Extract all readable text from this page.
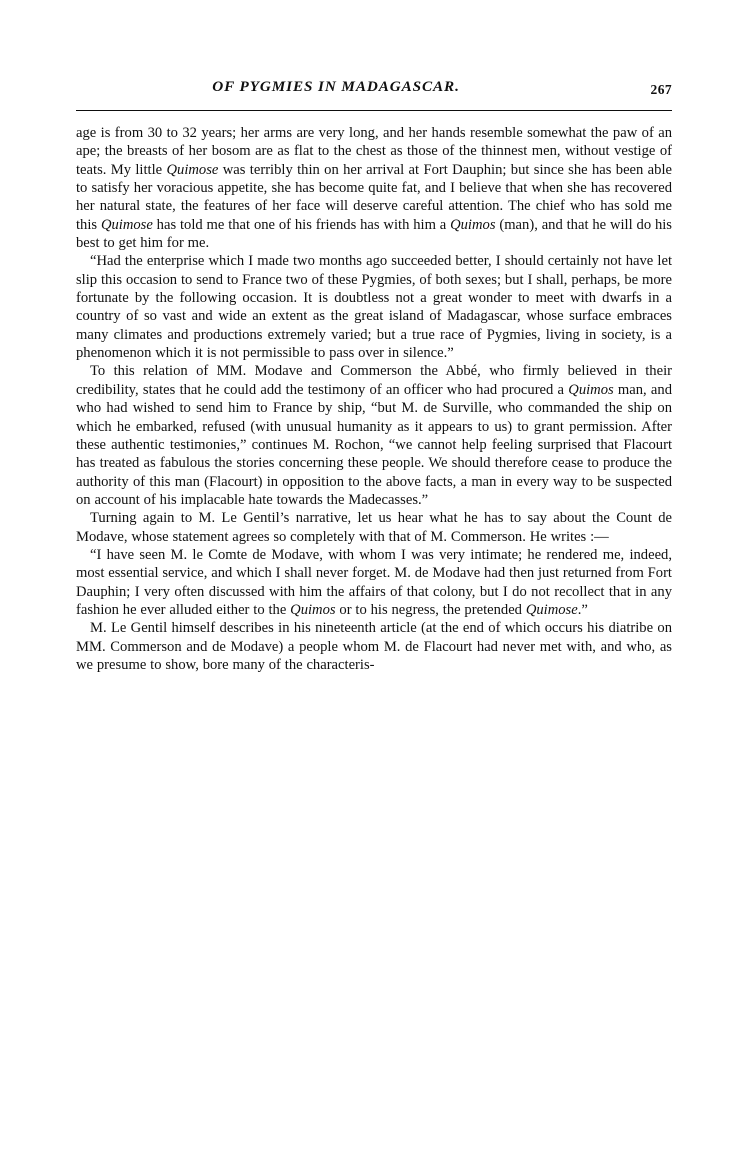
OF PYGMIES IN MADAGASCAR.	267

age is from 30 to 32 years; her arms are very long, and her hands resemble somewhat the paw of an ape; the breasts of her bosom are as flat to the chest as those of the thinnest men, without vestige of teats. My little Quimose was terribly thin on her arrival at Fort Dauphin; but since she has been able to satisfy her voracious appetite, she has become quite fat, and I believe that when she has recovered her natural state, the features of her face will deserve careful attention. The chief who has sold me this Quimose has told me that one of his friends has with him a Quimos (man), and that he will do his best to get him for me.

“Had the enterprise which I made two months ago succeeded better, I should certainly not have let slip this occasion to send to France two of these Pygmies, of both sexes; but I shall, perhaps, be more fortunate by the following occasion. It is doubtless not a great wonder to meet with dwarfs in a country of so vast and wide an extent as the great island of Madagascar, whose surface embraces many climates and productions extremely varied; but a true race of Pygmies, living in society, is a phenomenon which it is not permissible to pass over in silence.”

To this relation of MM. Modave and Commerson the Abbé, who firmly believed in their credibility, states that he could add the testimony of an officer who had procured a Quimos man, and who had wished to send him to France by ship, “but M. de Surville, who commanded the ship on which he embarked, refused (with unusual humanity as it appears to us) to grant permission. After these authentic testimonies,” continues M. Rochon, “we cannot help feeling surprised that Flacourt has treated as fabulous the stories concerning these people. We should therefore cease to produce the authority of this man (Flacourt) in opposition to the above facts, a man in every way to be suspected on account of his implacable hate towards the Madecasses.”

Turning again to M. Le Gentil’s narrative, let us hear what he has to say about the Count de Modave, whose statement agrees so completely with that of M. Commerson. He writes :—

“I have seen M. le Comte de Modave, with whom I was very intimate; he rendered me, indeed, most essential service, and which I shall never forget. M. de Modave had then just returned from Fort Dauphin; I very often discussed with him the affairs of that colony, but I do not recollect that in any fashion he ever alluded either to the Quimos or to his negress, the pretended Quimose.”

M. Le Gentil himself describes in his nineteenth article (at the end of which occurs his diatribe on MM. Commerson and de Modave) a people whom M. de Flacourt had never met with, and who, as we presume to show, bore many of the characteris-
